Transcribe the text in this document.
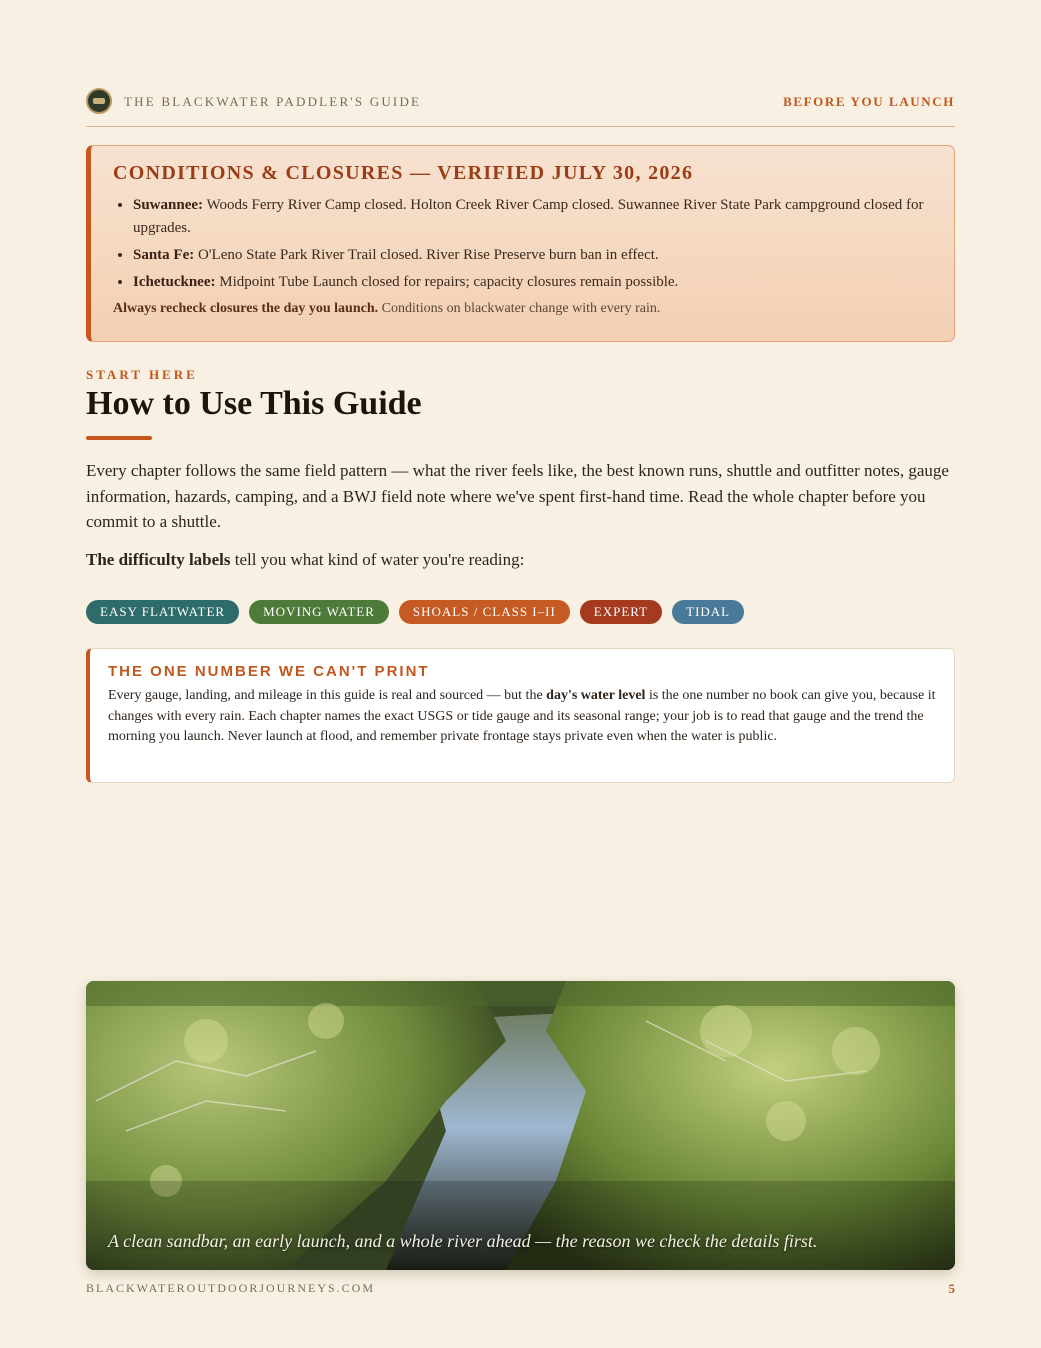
THE BLACKWATER PADDLER'S GUIDE	BEFORE YOU LAUNCH
CONDITIONS & CLOSURES — VERIFIED JULY 30, 2026
• Suwannee: Woods Ferry River Camp closed. Holton Creek River Camp closed. Suwannee River State Park campground closed for upgrades.
• Santa Fe: O'Leno State Park River Trail closed. River Rise Preserve burn ban in effect.
• Ichetucknee: Midpoint Tube Launch closed for repairs; capacity closures remain possible.
Always recheck closures the day you launch. Conditions on blackwater change with every rain.
START HERE
How to Use This Guide

Every chapter follows the same field pattern — what the river feels like, the best known runs, shuttle and outfitter notes, gauge information, hazards, camping, and a BWJ field note where we've spent first-hand time. Read the whole chapter before you commit to a shuttle.

The difficulty labels tell you what kind of water you're reading:

EASY FLATWATER	MOVING WATER	SHOALS / CLASS I–II	EXPERT	TIDAL
THE ONE NUMBER WE CAN'T PRINT

Every gauge, landing, and mileage in this guide is real and sourced — but the day's water level is the one number no book can give you, because it changes with every rain. Each chapter names the exact USGS or tide gauge and its seasonal range; your job is to read that gauge and the trend the morning you launch. Never launch at flood, and remember private frontage stays private even when the water is public.

A clean sandbar, an early launch, and a whole river ahead — the reason we check the details first.
BLACKWATEROUTDOORJOURNEYS.COM	5
